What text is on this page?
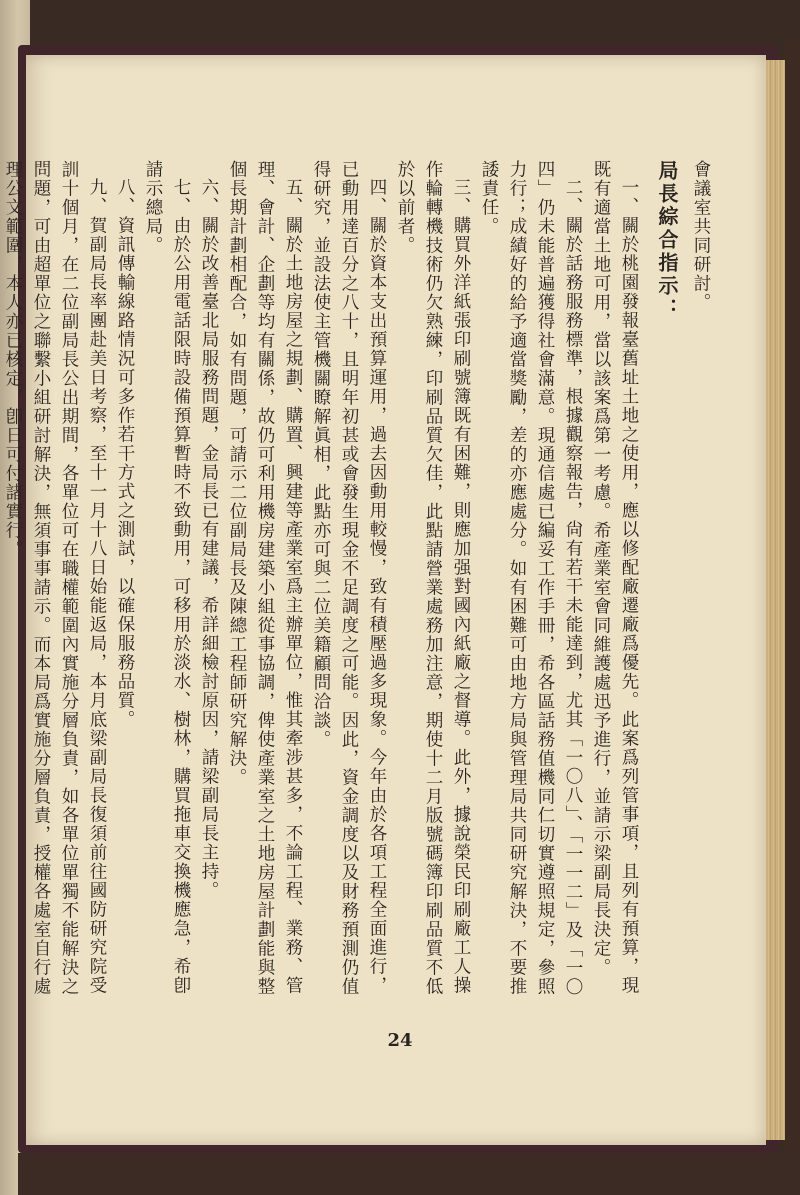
會議室共同研討。

局長綜合指示：

一、關於桃園發報臺舊址土地之使用，應以修配廠遷廠爲優先。此案爲列管事項，且列有預算，現既有適當土地可用，當以該案爲第一考慮。希產業室會同維護處迅予進行，並請示梁副局長決定。

二、關於話務服務標準，根據觀察報告，尙有若干未能達到，尤其「一〇八」、「一一二」及「一〇四」仍未能普遍獲得社會滿意。現通信處已編妥工作手冊，希各區話務值機同仁切實遵照規定，參照力行；成績好的給予適當獎勵，差的亦應處分。如有困難可由地方局與管理局共同研究解決，不要推諉責任。

三、購買外洋紙張印刷號簿既有困難，則應加强對國內紙廠之督導。此外，據說榮民印刷廠工人操作輪轉機技術仍欠熟練，印刷品質欠佳，此點請營業處務加注意，期使十二月版號碼簿印刷品質不低於以前者。

四、關於資本支出預算運用，過去因動用較慢，致有積壓過多現象。今年由於各項工程全面進行，已動用達百分之八十，且明年初甚或會發生現金不足調度之可能。因此，資金調度以及財務預測仍值得研究，並設法使主管機關瞭解眞相，此點亦可與二位美籍顧問洽談。

五、關於土地房屋之規劃、購置、興建等產業室爲主辦單位，惟其牽涉甚多，不論工程、業務、管理、會計、企劃等均有關係，故仍可利用機房建築小組從事協調，俾使產業室之土地房屋計劃能與整個長期計劃相配合，如有問題，可請示二位副局長及陳總工程師研究解決。

六、關於改善臺北局服務問題，金局長已有建議，希詳細檢討原因，請梁副局長主持。

七、由於公用電話限時設備預算暫時不致動用，可移用於淡水、樹林，購買拖車交換機應急，希卽請示總局。

八、資訊傳輸線路情況可多作若干方式之測試，以確保服務品質。

九、賀副局長率團赴美日考察，至十一月十八日始能返局，本月底梁副局長復須前往國防研究院受訓十個月，在二位副局長公出期間，各單位可在職權範圍內實施分層負責，如各單位單獨不能解決之問題，可由超單位之聯繫小組研討解決，無須事事請示。而本局爲實施分層負責，授權各處室自行處理公文範圍，本人亦已核定，卽日可付諸實行。

24
